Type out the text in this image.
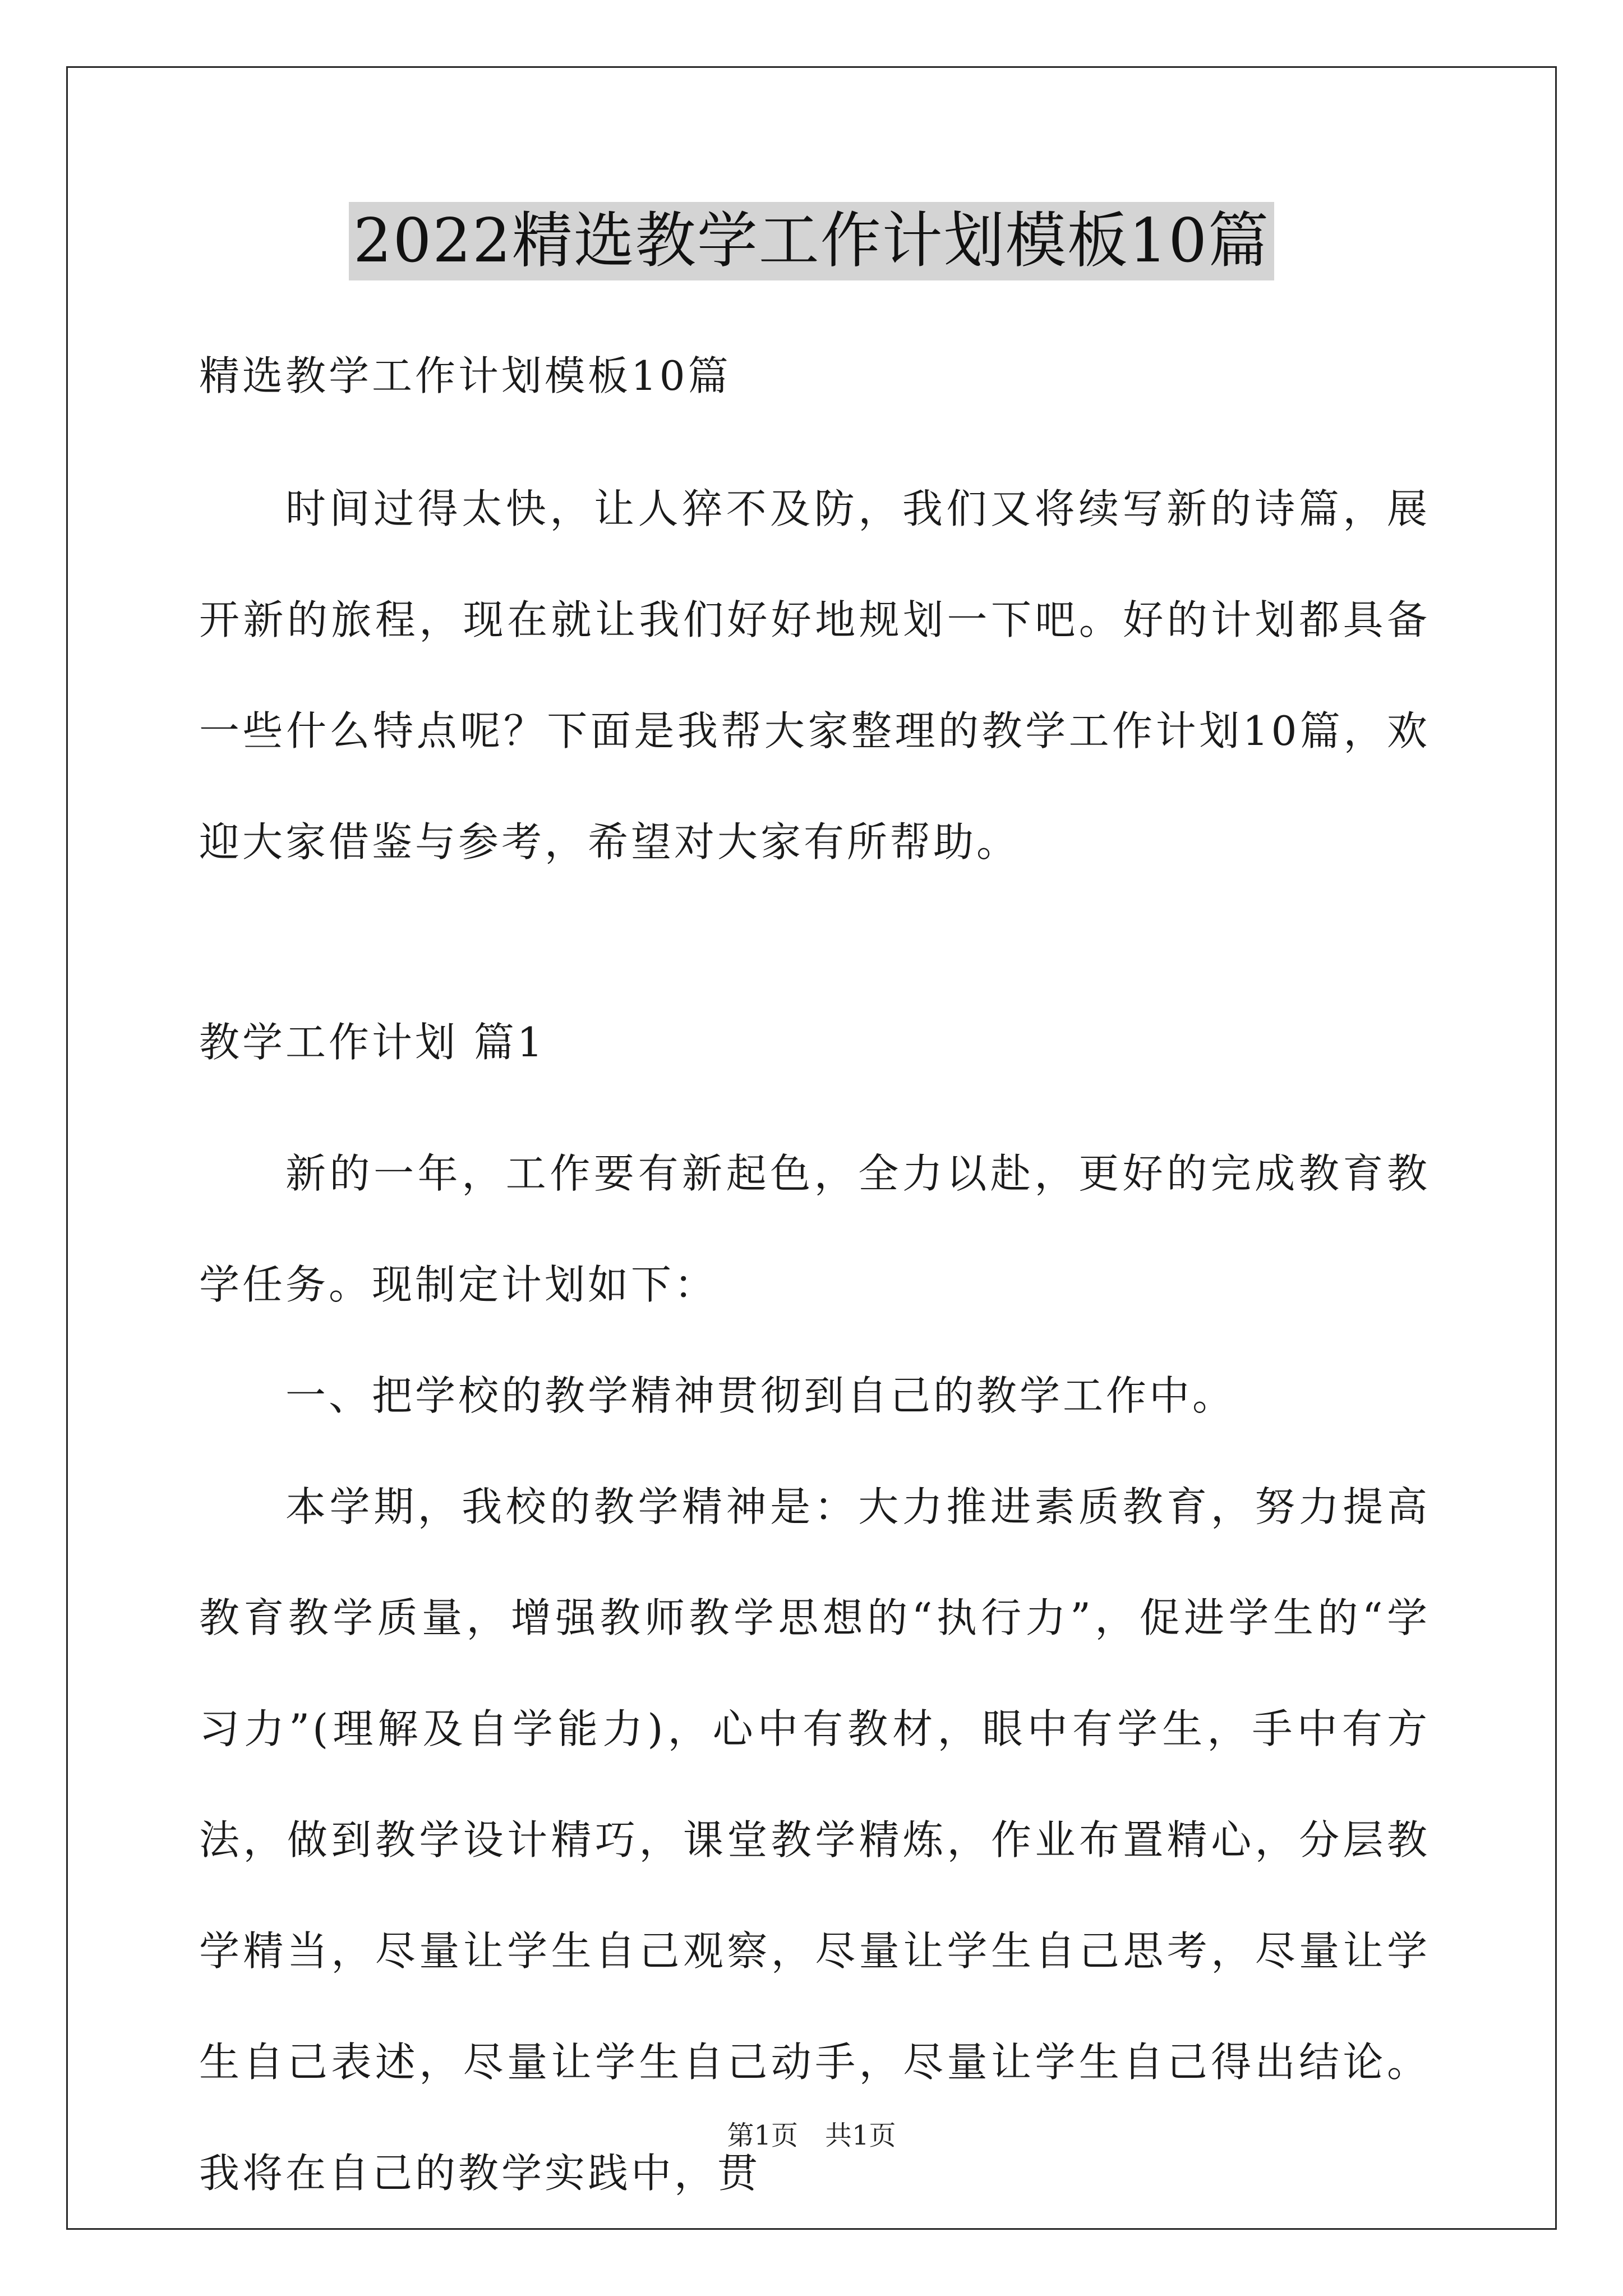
2022精选教学工作计划模板10篇
精选教学工作计划模板10篇
时间过得太快，让人猝不及防，我们又将续写新的诗篇，展开新的旅程，现在就让我们好好地规划一下吧。好的计划都具备一些什么特点呢？下面是我帮大家整理的教学工作计划10篇，欢迎大家借鉴与参考，希望对大家有所帮助。
教学工作计划 篇1

新的一年，工作要有新起色，全力以赴，更好的完成教育教学任务。现制定计划如下：

一、把学校的教学精神贯彻到自己的教学工作中。

本学期，我校的教学精神是：大力推进素质教育，努力提高教育教学质量，增强教师教学思想的“执行力”，促进学生的“学习力”(理解及自学能力)，心中有教材，眼中有学生，手中有方法，做到教学设计精巧，课堂教学精炼，作业布置精心，分层教学精当，尽量让学生自己观察，尽量让学生自己思考，尽量让学生自己表述，尽量让学生自己动手，尽量让学生自己得出结论。我将在自己的教学实践中，贯

第1页　共1页
